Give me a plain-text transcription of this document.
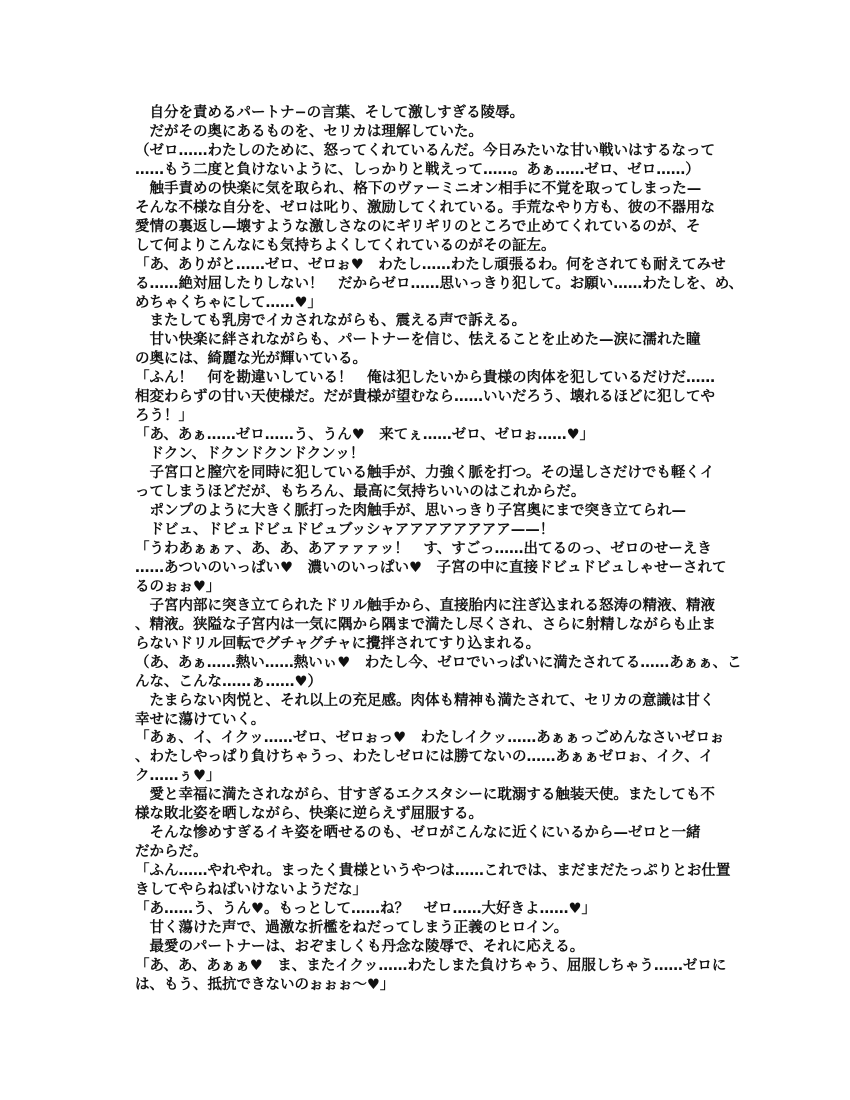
　自分を責めるパートナ−の言葉、そして激しすぎる陵辱。
　だがその奥にあるものを、セリカは理解していた。
（ゼロ……わたしのために、怒ってくれているんだ。今日みたいな甘い戦いはするなって
……もう二度と負けないように、しっかりと戦えって……。あぁ……ゼロ、ゼロ……）
　触手責めの快楽に気を取られ、格下のヴァーミニオン相手に不覚を取ってしまった—
そんな不様な自分を、ゼロは叱り、激励してくれている。手荒なやり方も、彼の不器用な
愛情の裏返し—壊すような激しさなのにギリギリのところで止めてくれているのが、そ
して何よりこんなにも気持ちよくしてくれているのがその証左。
「あ、ありがと……ゼロ、ゼロぉ♥　わたし……わたし頑張るわ。何をされても耐えてみせ
る……絶対屈したりしない！　だからゼロ……思いっきり犯して。お願い……わたしを、め、
めちゃくちゃにして……♥」
　またしても乳房でイカされながらも、震える声で訴える。
　甘い快楽に絆されながらも、パートナーを信じ、怯えることを止めた—涙に濡れた瞳
の奥には、綺麗な光が輝いている。
「ふん！　何を勘違いしている！　俺は犯したいから貴様の肉体を犯しているだけだ……
相変わらずの甘い天使様だ。だが貴様が望むなら……いいだろう、壊れるほどに犯してや
ろう！」
「あ、あぁ……ゼロ……う、うん♥　来てぇ……ゼロ、ゼロぉ……♥」
　ドクン、ドクンドクンドクンッ！
　子宮口と膣穴を同時に犯している触手が、力強く脈を打つ。その逞しさだけでも軽くイ
ってしまうほどだが、もちろん、最高に気持ちいいのはこれからだ。
　ポンプのように大きく脈打った肉触手が、思いっきり子宮奥にまで突き立てられ—
　ドビュ、ドビュドビュドビュブッシャアアアアアアアア——！
「うわあぁぁァ、あ、あ、あアァァァッ！　す、すごっ……出てるのっ、ゼロのせーえき
……あついのいっぱい♥　濃いのいっぱい♥　子宮の中に直接ドビュドビュしゃせーされて
るのぉぉ♥」
　子宮内部に突き立てられたドリル触手から、直接胎内に注ぎ込まれる怒涛の精液、精液
、精液。狭隘な子宮内は一気に隅から隅まで満たし尽くされ、さらに射精しながらも止ま
らないドリル回転でグチャグチャに攪拌されてすり込まれる。
（あ、あぁ……熱い……熱いぃ♥　わたし今、ゼロでいっぱいに満たされてる……あぁぁ、こ
んな、こんな……ぁ……♥）
　たまらない肉悦と、それ以上の充足感。肉体も精神も満たされて、セリカの意識は甘く
幸せに蕩けていく。
「あぁ、イ、イクッ……ゼロ、ゼロぉっ♥　わたしイクッ……あぁぁっごめんなさいゼロぉ
、わたしやっぱり負けちゃうっ、わたしゼロには勝てないの……あぁぁゼロぉ、イク、イ
ク……ぅ♥」
　愛と幸福に満たされながら、甘すぎるエクスタシーに耽溺する触装天使。またしても不
様な敗北姿を晒しながら、快楽に逆らえず屈服する。
　そんな惨めすぎるイキ姿を晒せるのも、ゼロがこんなに近くにいるから—ゼロと一緒
だからだ。
「ふん……やれやれ。まったく貴様というやつは……これでは、まだまだたっぷりとお仕置
きしてやらねばいけないようだな」
「あ……う、うん♥。もっとして……ね？　ゼロ……大好きよ……♥」
　甘く蕩けた声で、過激な折檻をねだってしまう正義のヒロイン。
　最愛のパートナーは、おぞましくも丹念な陵辱で、それに応える。
「あ、あ、あぁぁ♥　ま、またイクッ……わたしまた負けちゃう、屈服しちゃう……ゼロに
は、もう、抵抗できないのぉぉぉ〜♥」
